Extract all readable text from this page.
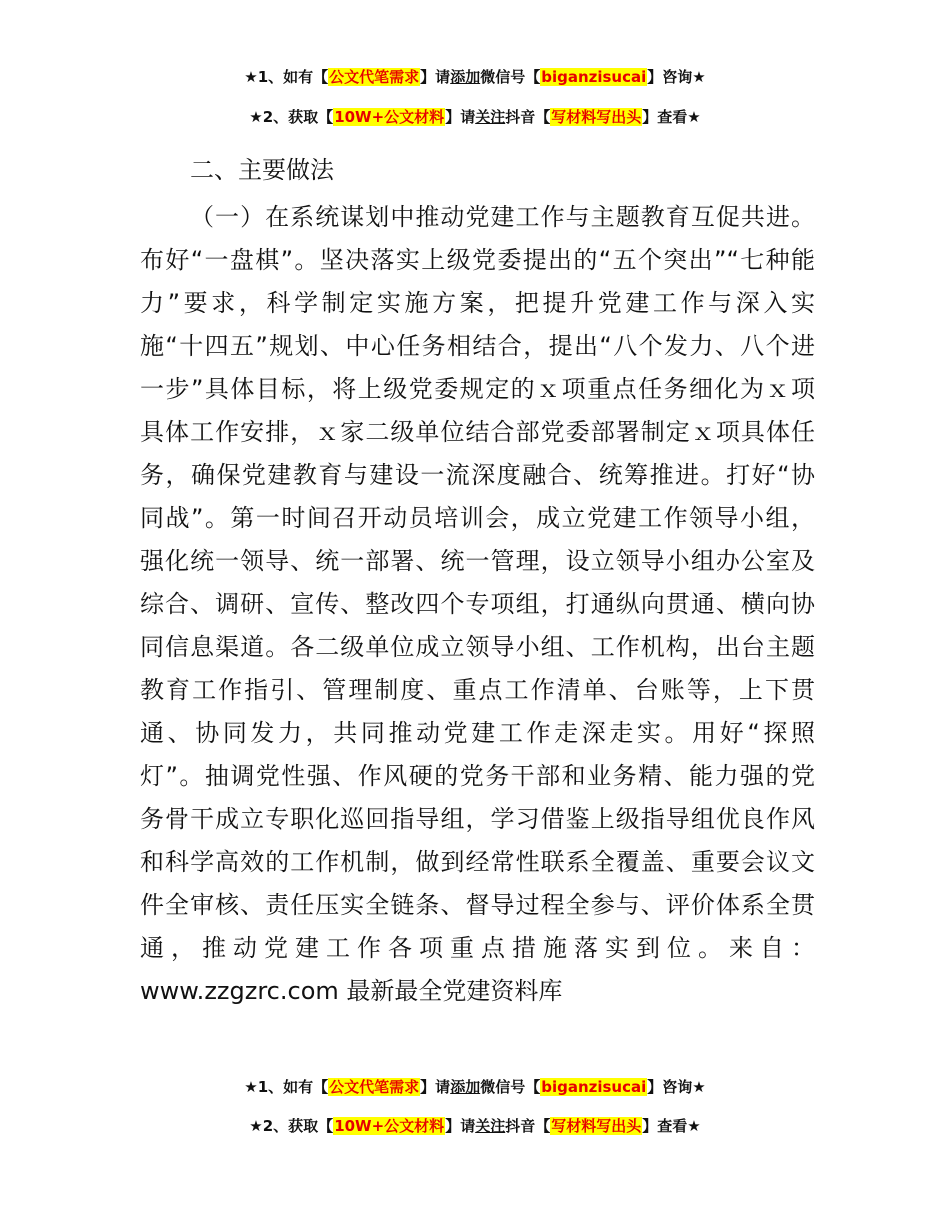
★1、如有【公文代笔需求】请添加微信号【biganzisucai】咨询★
★2、获取【10W+公文材料】请关注抖音【写材料写出头】查看★
二、主要做法
（一）在系统谋划中推动党建工作与主题教育互促共进。
布好“一盘棋”。坚决落实上级党委提出的“五个突出”“七种能
力”要求，科学制定实施方案，把提升党建工作与深入实
施“十四五”规划、中心任务相结合，提出“八个发力、八个进
一步”具体目标，将上级党委规定的ｘ项重点任务细化为ｘ项
具体工作安排，ｘ家二级单位结合部党委部署制定ｘ项具体任
务，确保党建教育与建设一流深度融合、统筹推进。打好“协
同战”。第一时间召开动员培训会，成立党建工作领导小组，
强化统一领导、统一部署、统一管理，设立领导小组办公室及
综合、调研、宣传、整改四个专项组，打通纵向贯通、横向协
同信息渠道。各二级单位成立领导小组、工作机构，出台主题
教育工作指引、管理制度、重点工作清单、台账等，上下贯
通、协同发力，共同推动党建工作走深走实。用好“探照
灯”。抽调党性强、作风硬的党务干部和业务精、能力强的党
务骨干成立专职化巡回指导组，学习借鉴上级指导组优良作风
和科学高效的工作机制，做到经常性联系全覆盖、重要会议文
件全审核、责任压实全链条、督导过程全参与、评价体系全贯
通，推动党建工作各项重点措施落实到位。来自：
www.zzgzrc.com 最新最全党建资料库
★1、如有【公文代笔需求】请添加微信号【biganzisucai】咨询★
★2、获取【10W+公文材料】请关注抖音【写材料写出头】查看★
